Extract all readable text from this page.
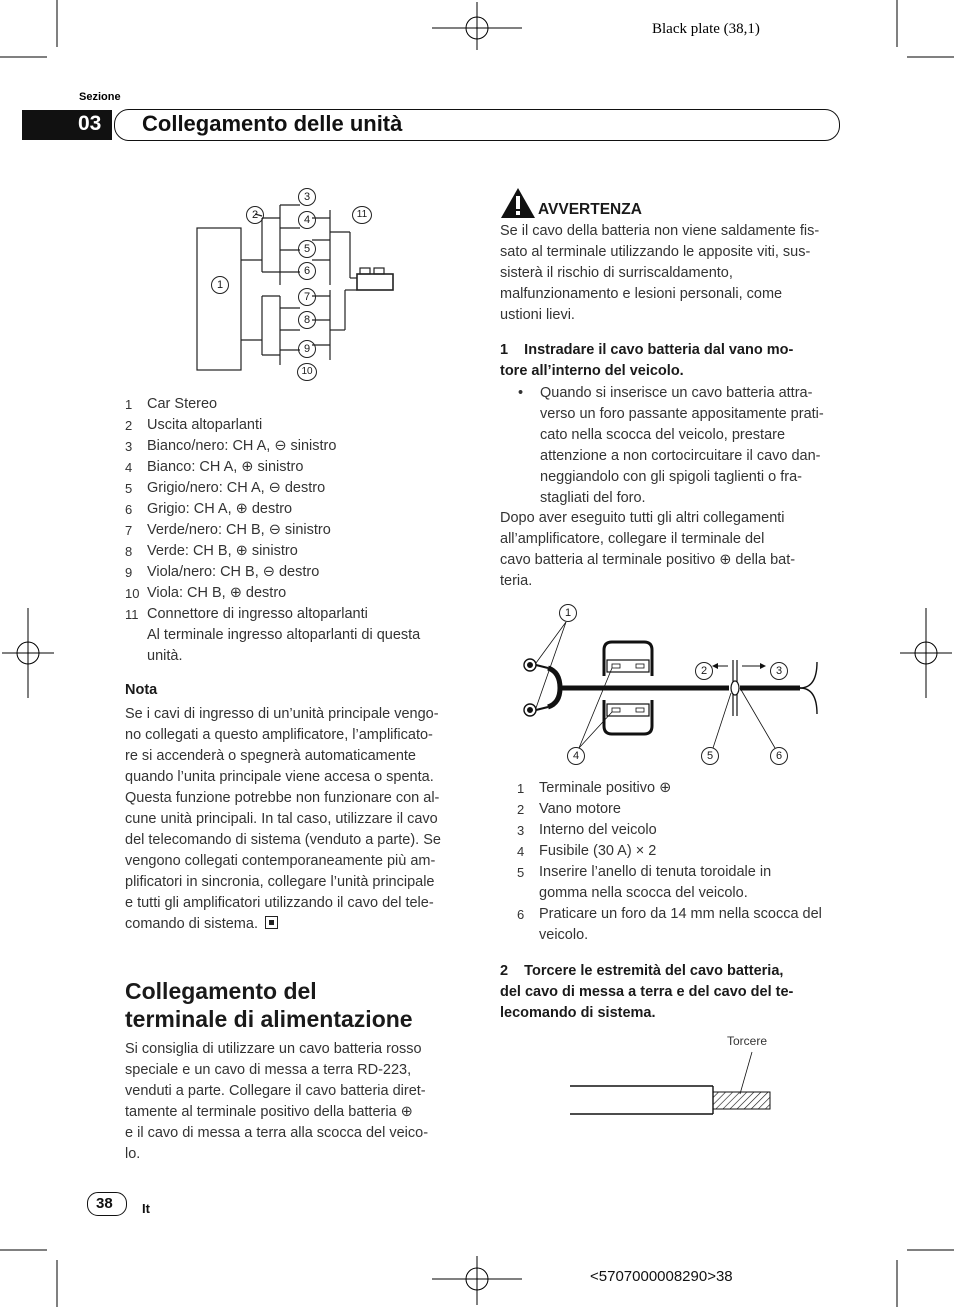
Black plate (38,1)
Sezione
03 Collegamento delle unità
1
2
3
4
5
6
7
8
9
10
11
1	Car Stereo
2	Uscita altoparlanti
3	Bianco/nero: CH A, ⊖ sinistro
4	Bianco: CH A, ⊕ sinistro
5	Grigio/nero: CH A, ⊖ destro
6	Grigio: CH A, ⊕ destro
7	Verde/nero: CH B, ⊖ sinistro
8	Verde: CH B, ⊕ sinistro
9	Viola/nero: CH B, ⊖ destro
10 Viola: CH B, ⊕ destro
11 Connettore di ingresso altoparlanti
Al terminale ingresso altoparlanti di questa
unità.
Nota
Se i cavi di ingresso di un’unità principale vengo-
no collegati a questo amplificatore, l’amplificato-
re si accenderà o spegnerà automaticamente
quando l’unita principale viene accesa o spenta.
Questa funzione potrebbe non funzionare con al-
cune unità principali. In tal caso, utilizzare il cavo
del telecomando di sistema (venduto a parte). Se
vengono collegati contemporaneamente più am-
plificatori in sincronia, collegare l’unità principale
e tutti gli amplificatori utilizzando il cavo del tele-
comando di sistema.
Collegamento del
terminale di alimentazione
Si consiglia di utilizzare un cavo batteria rosso
speciale e un cavo di messa a terra RD-223,
venduti a parte. Collegare il cavo batteria diret-
tamente al terminale positivo della batteria ⊕
e il cavo di messa a terra alla scocca del veico-
lo.
AVVERTENZA
Se il cavo della batteria non viene saldamente fis-
sato al terminale utilizzando le apposite viti, sus-
sisterà il rischio di surriscaldamento,
malfunzionamento e lesioni personali, come
ustioni lievi.
1    Instradare il cavo batteria dal vano mo-
tore all’interno del veicolo.
• Quando si inserisce un cavo batteria attra-
verso un foro passante appositamente prati-
cato nella scocca del veicolo, prestare
attenzione a non cortocircuitare il cavo dan-
neggiandolo con gli spigoli taglienti o fra-
stagliati del foro.
Dopo aver eseguito tutti gli altri collegamenti
all’amplificatore, collegare il terminale del
cavo batteria al terminale positivo ⊕ della bat-
teria.
1
2	3
4	5	6
1	Terminale positivo ⊕
2	Vano motore
3	Interno del veicolo
4	Fusibile (30 A) × 2
5	Inserire l’anello di tenuta toroidale in
gomma nella scocca del veicolo.
6	Praticare un foro da 14 mm nella scocca del
veicolo.
2    Torcere le estremità del cavo batteria,
del cavo di messa a terra e del cavo del te-
lecomando di sistema.
Torcere
38 It
<5707000008290>38
